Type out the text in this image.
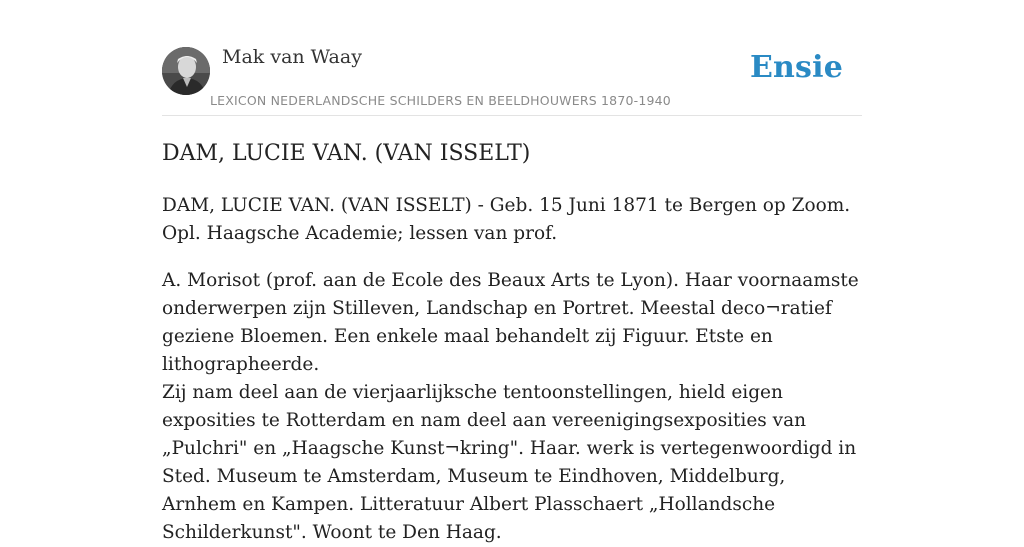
Mak van Waay
LEXICON NEDERLANDSCHE SCHILDERS EN BEELDHOUWERS 1870-1940
Ensie
DAM, LUCIE VAN. (VAN ISSELT)

DAM, LUCIE VAN. (VAN ISSELT) - Geb. 15 Juni 1871 te Bergen op Zoom. Opl. Haagsche Academie; lessen van prof.

A. Morisot (prof. aan de Ecole des Beaux Arts te Lyon). Haar voornaamste onderwerpen zijn Stilleven, Landschap en Portret. Meestal deco¬ratief geziene Bloemen. Een enkele maal behandelt zij Figuur. Etste en lithographeerde.

Zij nam deel aan de vierjaarlijksche tentoonstellingen, hield eigen exposities te Rotterdam en nam deel aan vereenigingsexposities van „Pulchri" en „Haagsche Kunst¬kring". Haar. werk is vertegenwoordigd in Sted. Museum te Amsterdam, Museum te Eindhoven, Middelburg, Arnhem en Kampen. Litteratuur Albert Plasschaert „Hollandsche Schilderkunst". Woont te Den Haag.
